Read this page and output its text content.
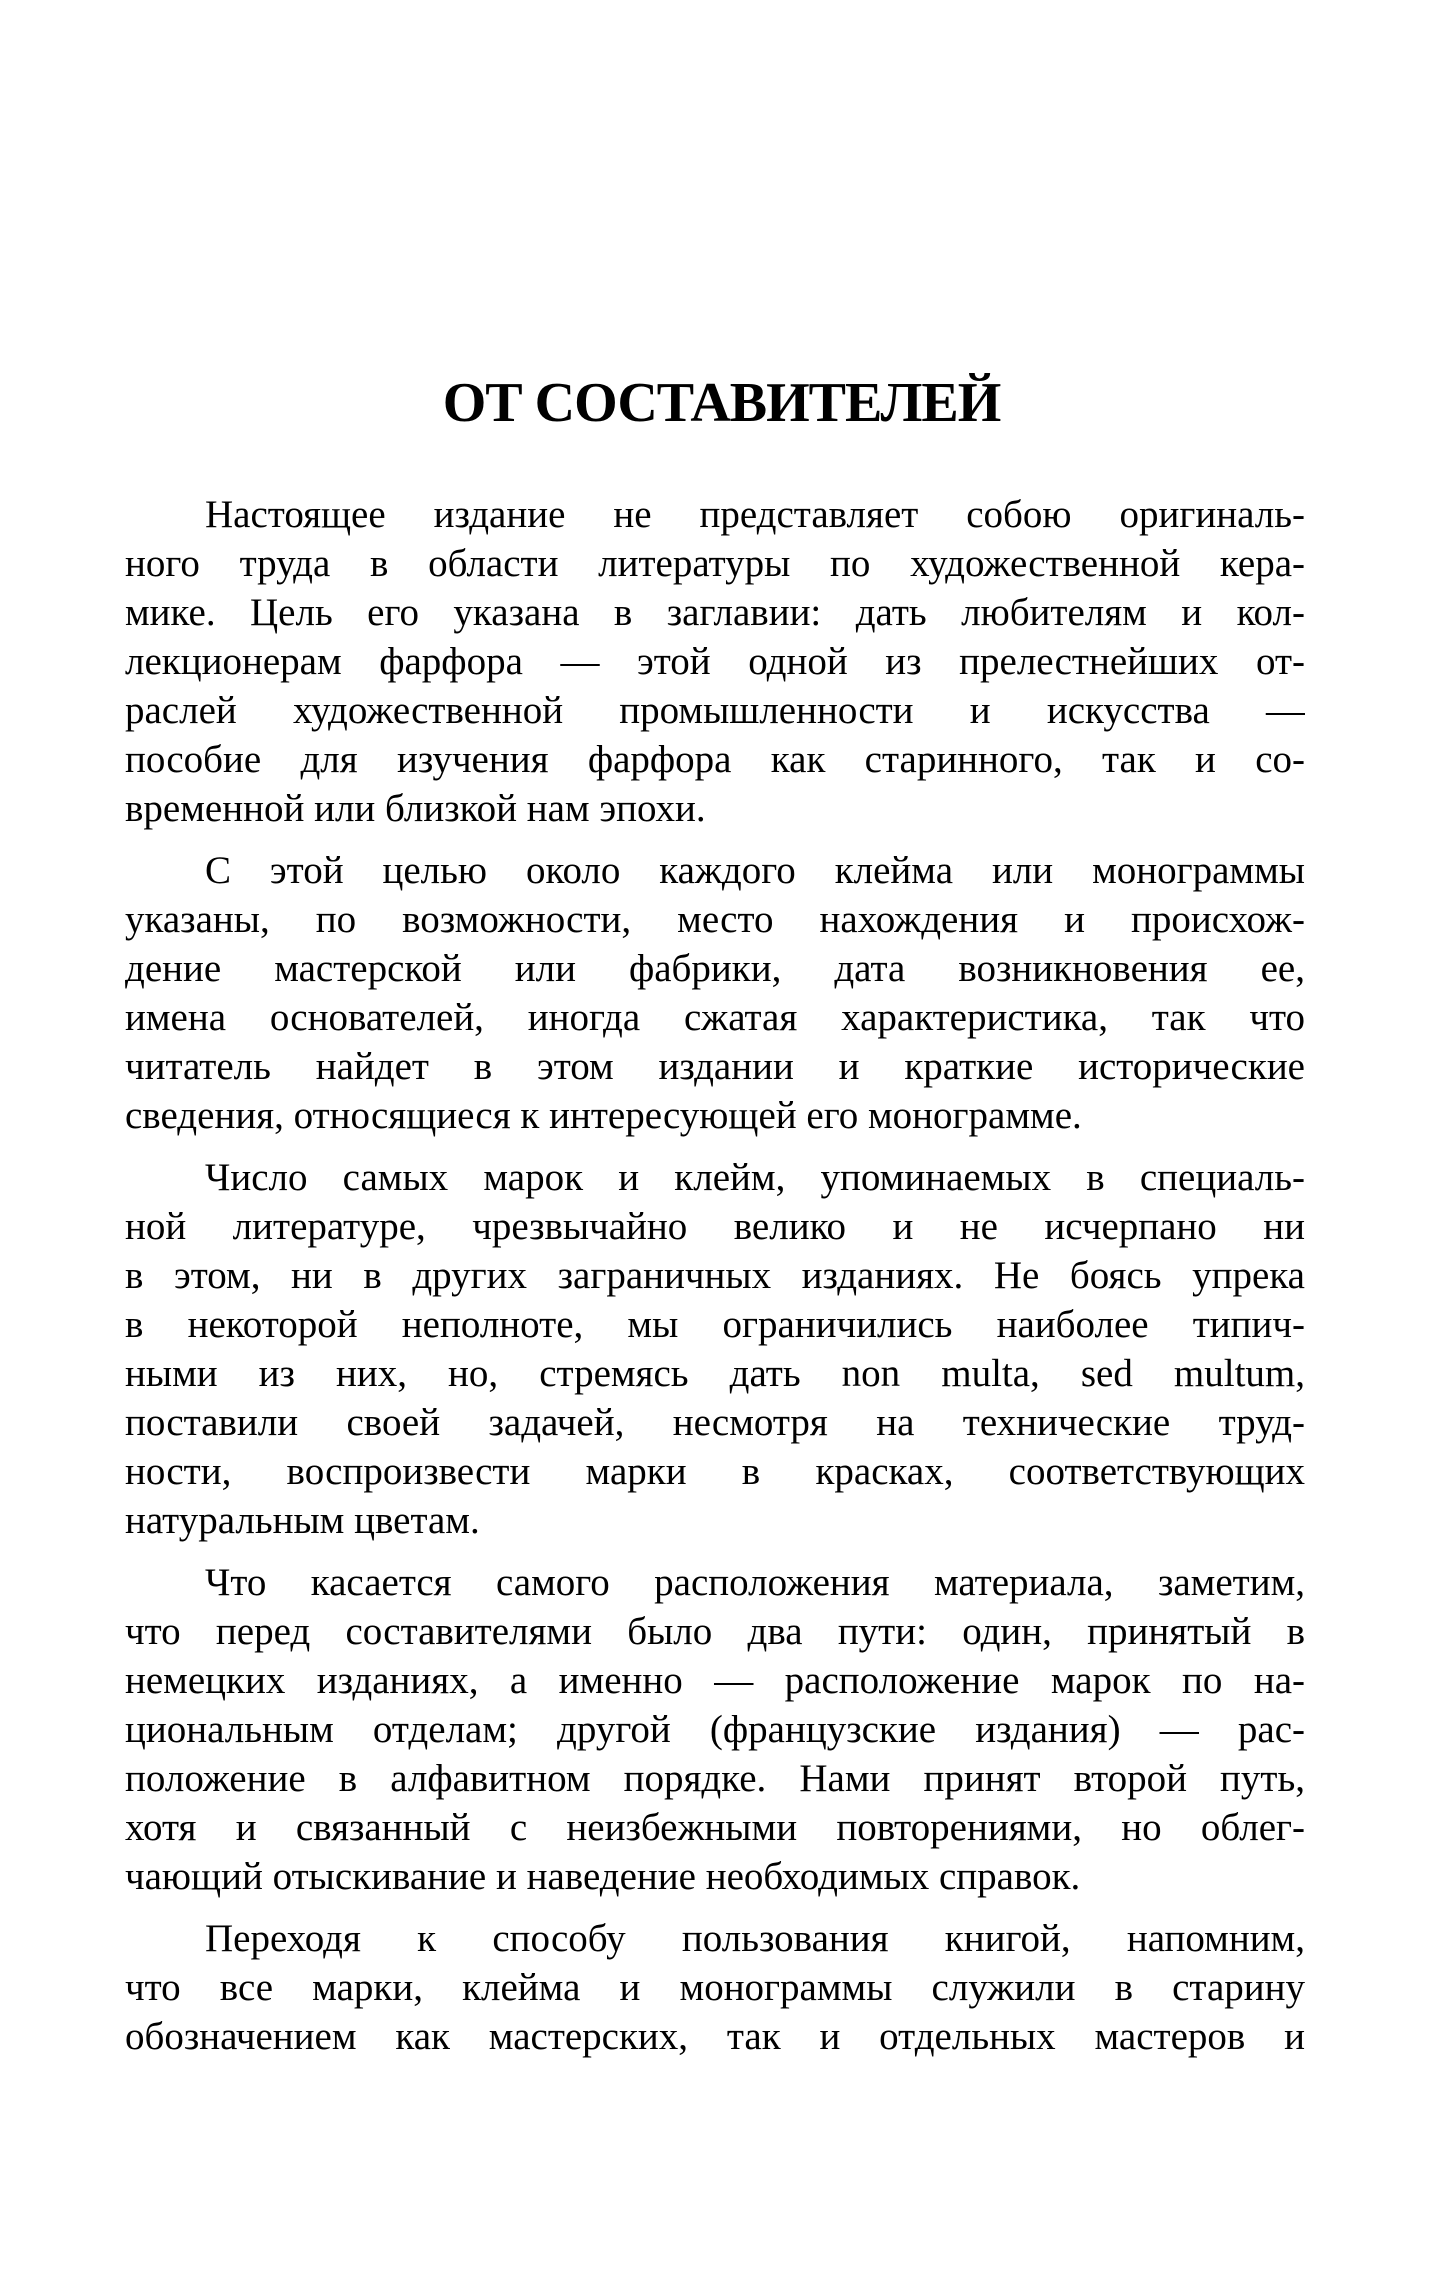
ОТ СОСТАВИТЕЛЕЙ
Настоящее издание не представляет собою оригиналь-
ного труда в области литературы по художественной кера-
мике. Цель его указана в заглавии: дать любителям и кол-
лекционерам фарфора — этой одной из прелестнейших от-
раслей художественной промышленности и искусства —
пособие для изучения фарфора как старинного, так и со-
временной или близкой нам эпохи.
С этой целью около каждого клейма или монограммы
указаны, по возможности, место нахождения и происхож-
дение мастерской или фабрики, дата возникновения ее,
имена основателей, иногда сжатая характеристика, так что
читатель найдет в этом издании и краткие исторические
сведения, относящиеся к интересующей его монограмме.
Число самых марок и клейм, упоминаемых в специаль-
ной литературе, чрезвычайно велико и не исчерпано ни
в этом, ни в других заграничных изданиях. Не боясь упрека
в некоторой неполноте, мы ограничились наиболее типич-
ными из них, но, стремясь дать non multa, sed multum,
поставили своей задачей, несмотря на технические труд-
ности, воспроизвести марки в красках, соответствующих
натуральным цветам.
Что касается самого расположения материала, заметим,
что перед составителями было два пути: один, принятый в
немецких изданиях, а именно — расположение марок по на-
циональным отделам; другой (французские издания) — рас-
положение в алфавитном порядке. Нами принят второй путь,
хотя и связанный с неизбежными повторениями, но облег-
чающий отыскивание и наведение необходимых справок.
Переходя к способу пользования книгой, напомним,
что все марки, клейма и монограммы служили в старину
обозначением как мастерских, так и отдельных мастеров и
